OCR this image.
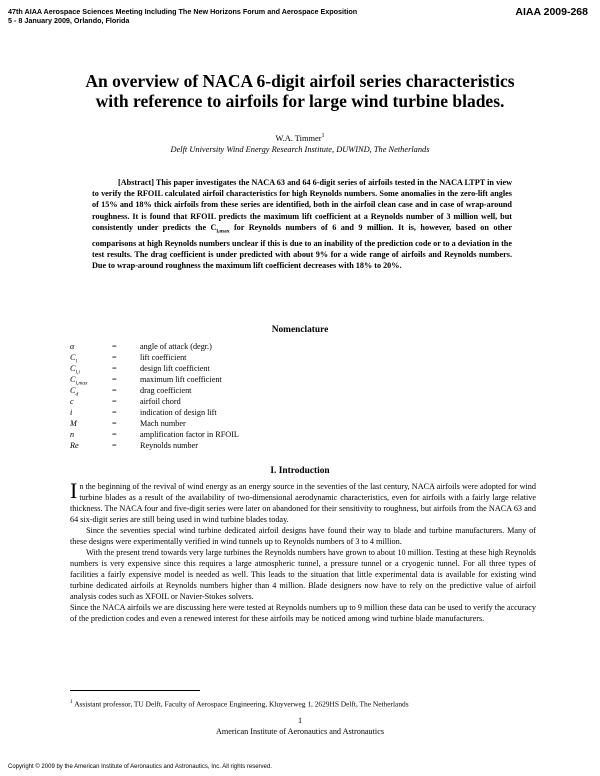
47th AIAA Aerospace Sciences Meeting Including The New Horizons Forum and Aerospace Exposition
5 - 8 January 2009, Orlando, Florida
AIAA 2009-268
An overview of NACA 6-digit airfoil series characteristics
with reference to airfoils for large wind turbine blades.
W.A. Timmer$^1$
Delft University Wind Energy Research Institute, DUWIND, The Netherlands

[Abstract] This paper investigates the NACA 63 and 64 6-digit series of airfoils tested in the NACA LTPT in view to verify the RFOIL calculated airfoil characteristics for high Reynolds numbers. Some anomalies in the zero-lift angles of 15% and 18% thick airfoils from these series are identified, both in the airfoil clean case and in case of wrap-around roughness. It is found that RFOIL predicts the maximum lift coefficient at a Reynolds number of 3 million well, but consistently under predicts the $C_{l,max}$ for Reynolds numbers of 6 and 9 million. It is, however, based on other comparisons at high Reynolds numbers unclear if this is due to an inability of the prediction code or to a deviation in the test results. The drag coefficient is under predicted with about 9% for a wide range of airfoils and Reynolds numbers. Due to wrap-around roughness the maximum lift coefficient decreases with 18% to 20%.

Nomenclature
α	=	angle of attack (degr.)
$C_l$	=	lift coefficient
$C_{l,i}$	=	design lift coefficient
$C_{l,max}$	=	maximum lift coefficient
$C_d$	=	drag coefficient
c	=	airfoil chord
i	=	indication of design lift
M	=	Mach number
n	=	amplification factor in RFOIL
Re	=	Reynolds number
I. Introduction

In the beginning of the revival of wind energy as an energy source in the seventies of the last century, NACA airfoils were adopted for wind turbine blades as a result of the availability of two-dimensional aerodynamic characteristics, even for airfoils with a fairly large relative thickness. The NACA four and five-digit series were later on abandoned for their sensitivity to roughness, but airfoils from the NACA 63 and 64 six-digit series are still being used in wind turbine blades today.

Since the seventies special wind turbine dedicated airfoil designs have found their way to blade and turbine manufacturers. Many of these designs were experimentally verified in wind tunnels up to Reynolds numbers of 3 to 4 million.

With the present trend towards very large turbines the Reynolds numbers have grown to about 10 million. Testing at these high Reynolds numbers is very expensive since this requires a large atmospheric tunnel, a pressure tunnel or a cryogenic tunnel. For all three types of facilities a fairly expensive model is needed as well. This leads to the situation that little experimental data is available for existing wind turbine dedicated airfoils at Reynolds numbers higher than 4 million. Blade designers now have to rely on the predictive value of airfoil analysis codes such as XFOIL or Navier-Stokes solvers.

Since the NACA airfoils we are discussing here were tested at Reynolds numbers up to 9 million these data can be used to verify the accuracy of the prediction codes and even a renewed interest for these airfoils may be noticed among wind turbine blade manufacturers.

$^1$ Assistant professor, TU Delft, Faculty of Aerospace Engineering, Kluyverweg 1, 2629HS Delft, The Netherlands
1
American Institute of Aeronautics and Astronautics
Copyright © 2009 by the American Institute of Aeronautics and Astronautics, Inc. All rights reserved.
